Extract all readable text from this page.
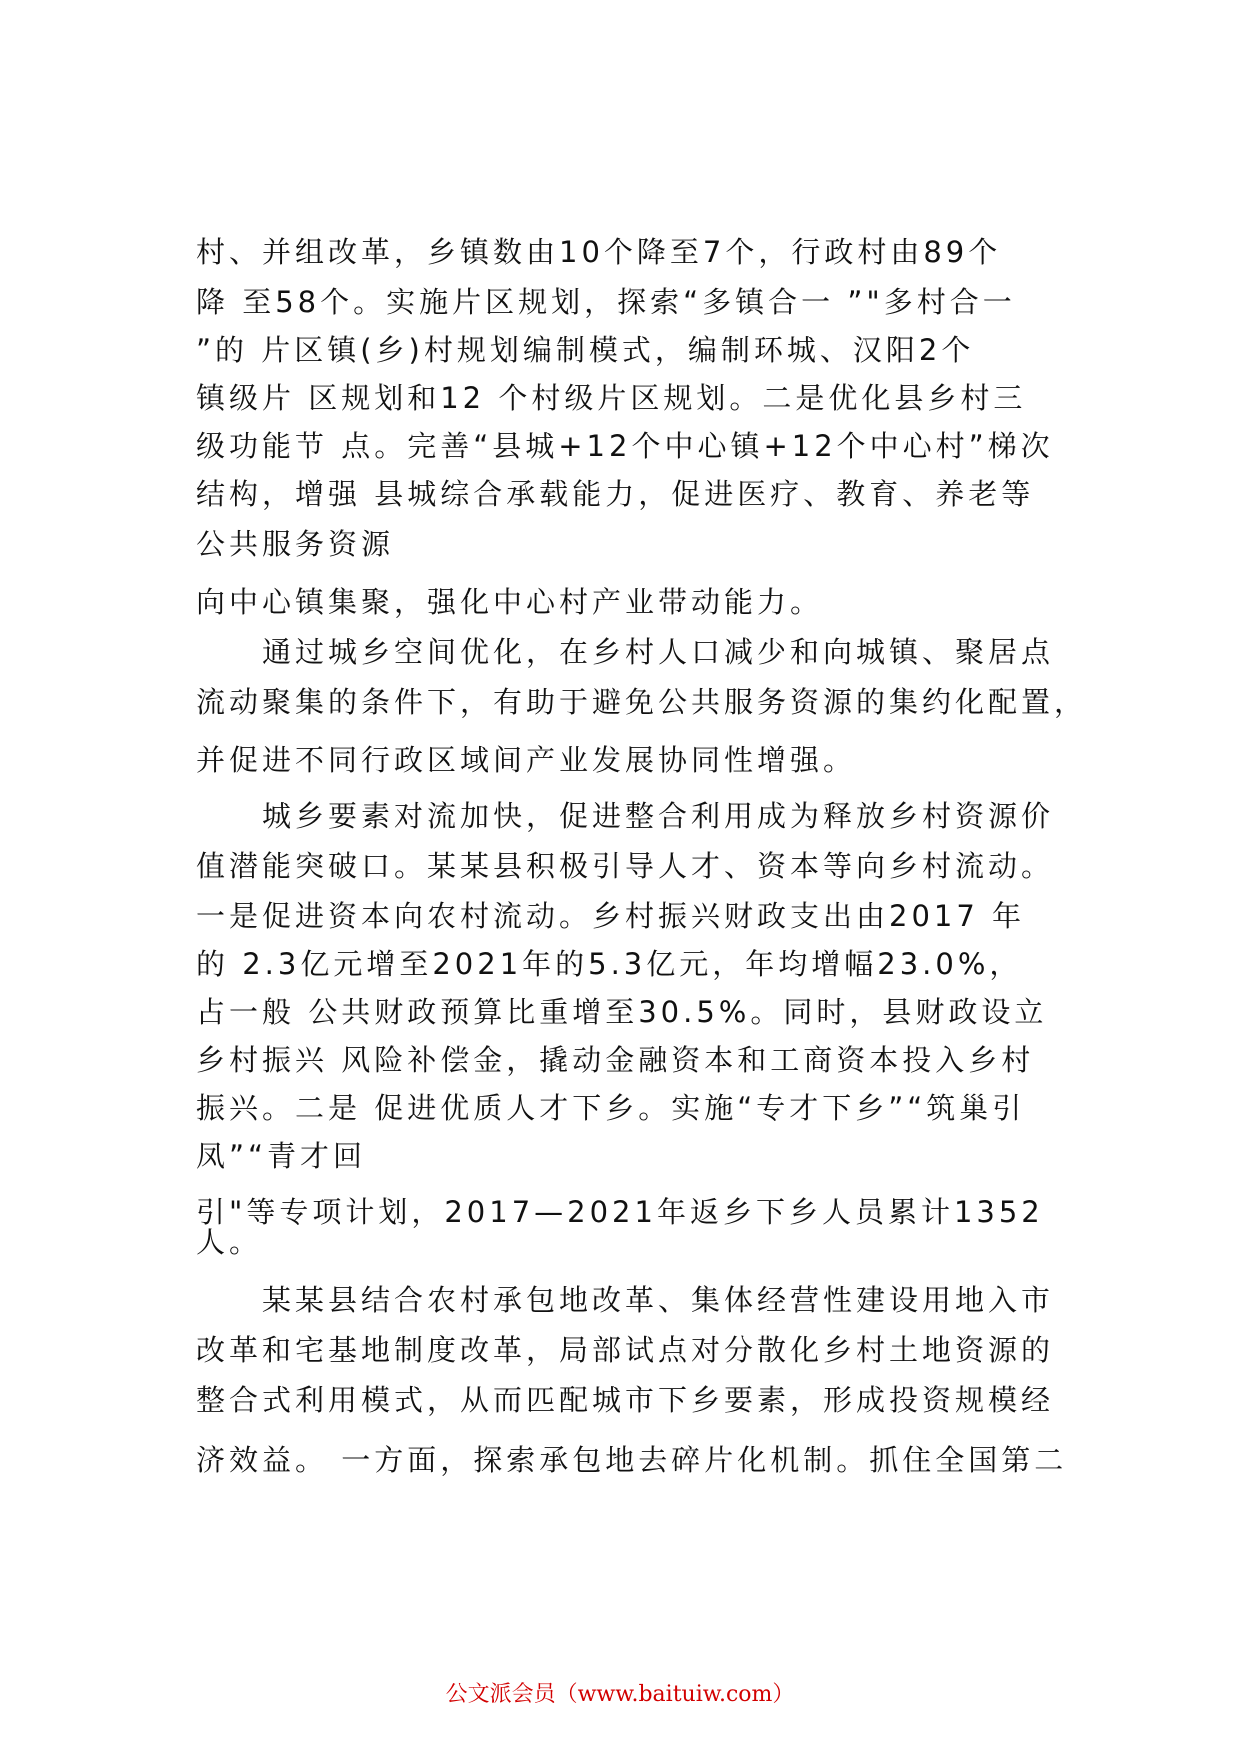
村、并组改革，乡镇数由10个降至7个，行政村由89个
降 至58个。实施片区规划，探索“多镇合一 ”"多村合一
”的 片区镇(乡)村规划编制模式，编制环城、汉阳2个
镇级片 区规划和12 个村级片区规划。二是优化县乡村三
级功能节 点。完善“县城+12个中心镇+12个中心村”梯次
结构，增强 县城综合承载能力，促进医疗、教育、养老等
公共服务资源
向中心镇集聚，强化中心村产业带动能力。
通过城乡空间优化，在乡村人口减少和向城镇、聚居点
流动聚集的条件下，有助于避免公共服务资源的集约化配置，
并促进不同行政区域间产业发展协同性增强。
城乡要素对流加快，促进整合利用成为释放乡村资源价
值潜能突破口。某某县积极引导人才、资本等向乡村流动。
一是促进资本向农村流动。乡村振兴财政支出由2017 年
的 2.3亿元增至2021年的5.3亿元，年均增幅23.0%，
占一般 公共财政预算比重增至30.5%。同时，县财政设立
乡村振兴 风险补偿金，撬动金融资本和工商资本投入乡村
振兴。二是 促进优质人才下乡。实施“专才下乡”“筑巢引
凤”“青才回
引"等专项计划，2017—2021年返乡下乡人员累计1352
人。
某某县结合农村承包地改革、集体经营性建设用地入市
改革和宅基地制度改革，局部试点对分散化乡村土地资源的
整合式利用模式，从而匹配城市下乡要素，形成投资规模经
济效益。 一方面，探索承包地去碎片化机制。抓住全国第二
公文派会员（www.baituiw.com）
